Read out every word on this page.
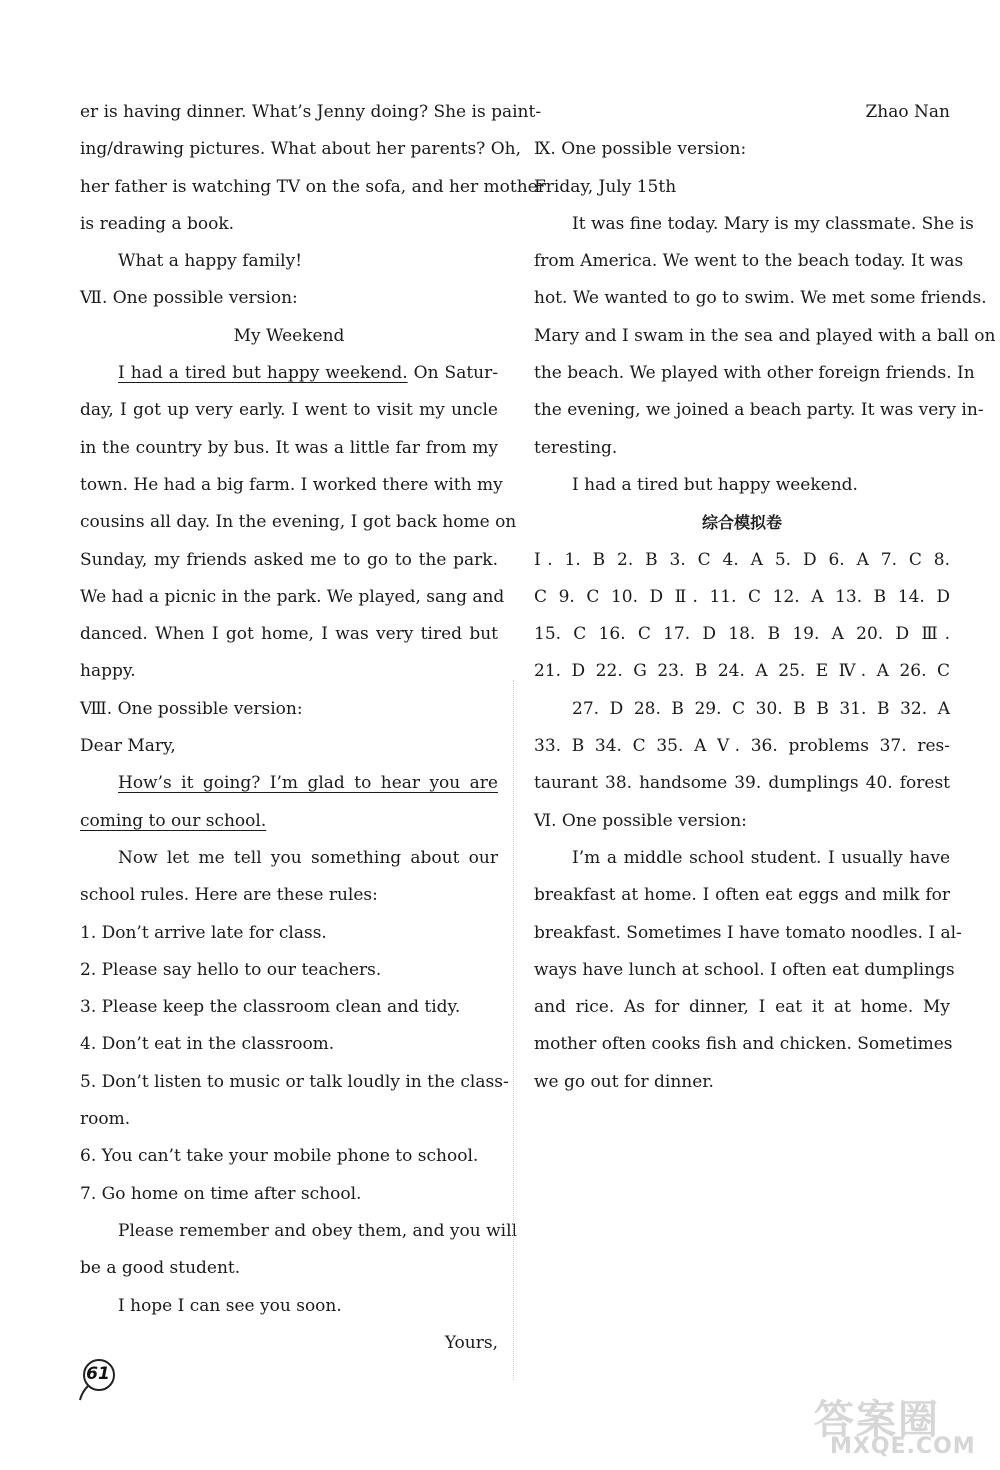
er is having dinner. What’s Jenny doing? She is paint-
ing/drawing pictures. What about her parents? Oh,
her father is watching TV on the sofa, and her mother
is reading a book.
What a happy family!
Ⅶ. One possible version:
My Weekend
I had a tired but happy weekend. On Satur-
day, I got up very early. I went to visit my uncle
in the country by bus. It was a little far from my
town. He had a big farm. I worked there with my
cousins all day. In the evening, I got back home on
Sunday, my friends asked me to go to the park.
We had a picnic in the park. We played, sang and
danced. When I got home, I was very tired but
happy.
Ⅷ. One possible version:
Dear Mary,
How’s it going? I’m glad to hear you are
coming to our school.
Now let me tell you something about our
school rules. Here are these rules:
1. Don’t arrive late for class.
2. Please say hello to our teachers.
3. Please keep the classroom clean and tidy.
4. Don’t eat in the classroom.
5. Don’t listen to music or talk loudly in the class-
room.
6. You can’t take your mobile phone to school.
7. Go home on time after school.
Please remember and obey them, and you will
be a good student.
I hope I can see you soon.
Yours,
Zhao Nan
Ⅸ. One possible version:
Friday, July 15th
It was fine today. Mary is my classmate. She is
from America. We went to the beach today. It was
hot. We wanted to go to swim. We met some friends.
Mary and I swam in the sea and played with a ball on
the beach. We played with other foreign friends. In
the evening, we joined a beach party. It was very in-
teresting.
I had a tired but happy weekend.
综合模拟卷
Ⅰ. 1. B 2. B 3. C 4. A 5. D 6. A 7. C 8.
C 9. C 10. D Ⅱ. 11. C 12. A 13. B 14. D
15. C 16. C 17. D 18. B 19. A 20. D Ⅲ.
21. D 22. G 23. B 24. A 25. E Ⅳ. A 26. C
27. D 28. B 29. C 30. B B 31. B 32. A
33. B 34. C 35. A Ⅴ. 36. problems 37. res-
taurant 38. handsome 39. dumplings 40. forest
Ⅵ. One possible version:
I’m a middle school student. I usually have
breakfast at home. I often eat eggs and milk for
breakfast. Sometimes I have tomato noodles. I al-
ways have lunch at school. I often eat dumplings
and rice. As for dinner, I eat it at home. My
mother often cooks fish and chicken. Sometimes
we go out for dinner.
61
答案圈
MXQE.COM
